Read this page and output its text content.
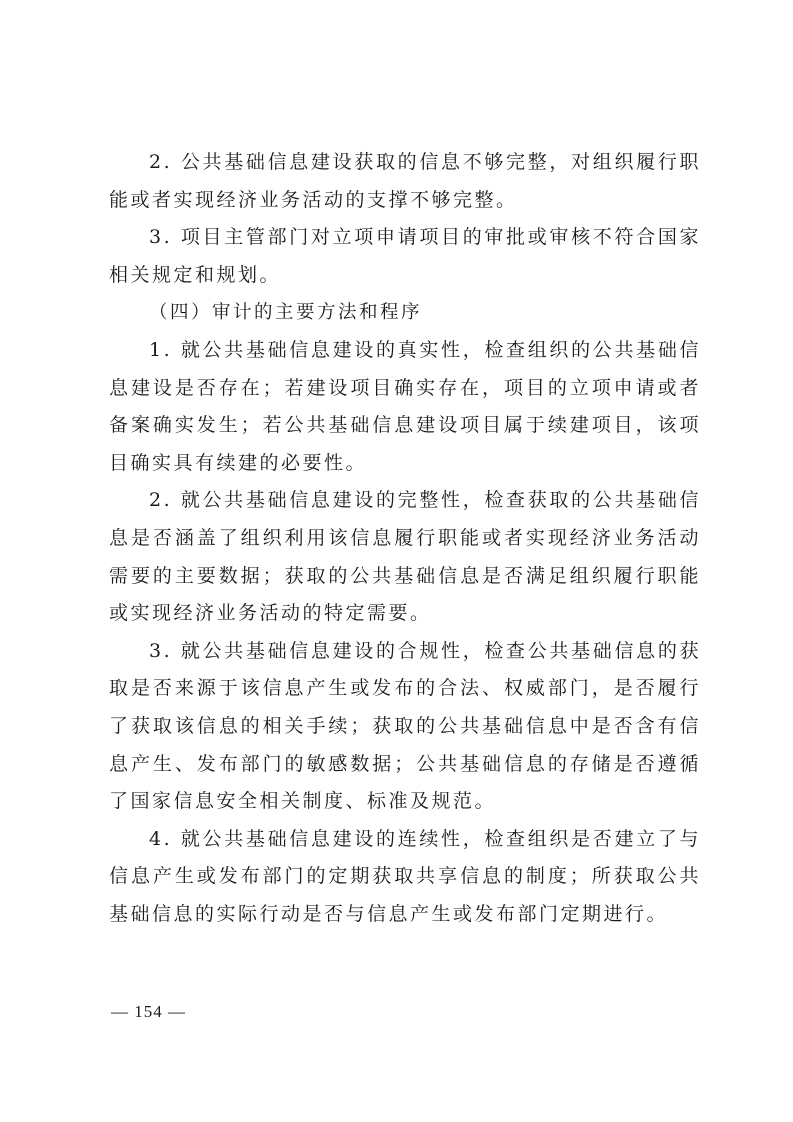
2. 公共基础信息建设获取的信息不够完整，对组织履行职能或者实现经济业务活动的支撑不够完整。

3. 项目主管部门对立项申请项目的审批或审核不符合国家相关规定和规划。

（四）审计的主要方法和程序

1. 就公共基础信息建设的真实性，检查组织的公共基础信息建设是否存在；若建设项目确实存在，项目的立项申请或者备案确实发生；若公共基础信息建设项目属于续建项目，该项目确实具有续建的必要性。

2. 就公共基础信息建设的完整性，检查获取的公共基础信息是否涵盖了组织利用该信息履行职能或者实现经济业务活动需要的主要数据；获取的公共基础信息是否满足组织履行职能或实现经济业务活动的特定需要。

3. 就公共基础信息建设的合规性，检查公共基础信息的获取是否来源于该信息产生或发布的合法、权威部门，是否履行了获取该信息的相关手续；获取的公共基础信息中是否含有信息产生、发布部门的敏感数据；公共基础信息的存储是否遵循了国家信息安全相关制度、标准及规范。

4. 就公共基础信息建设的连续性，检查组织是否建立了与信息产生或发布部门的定期获取共享信息的制度；所获取公共基础信息的实际行动是否与信息产生或发布部门定期进行。

— 154 —
